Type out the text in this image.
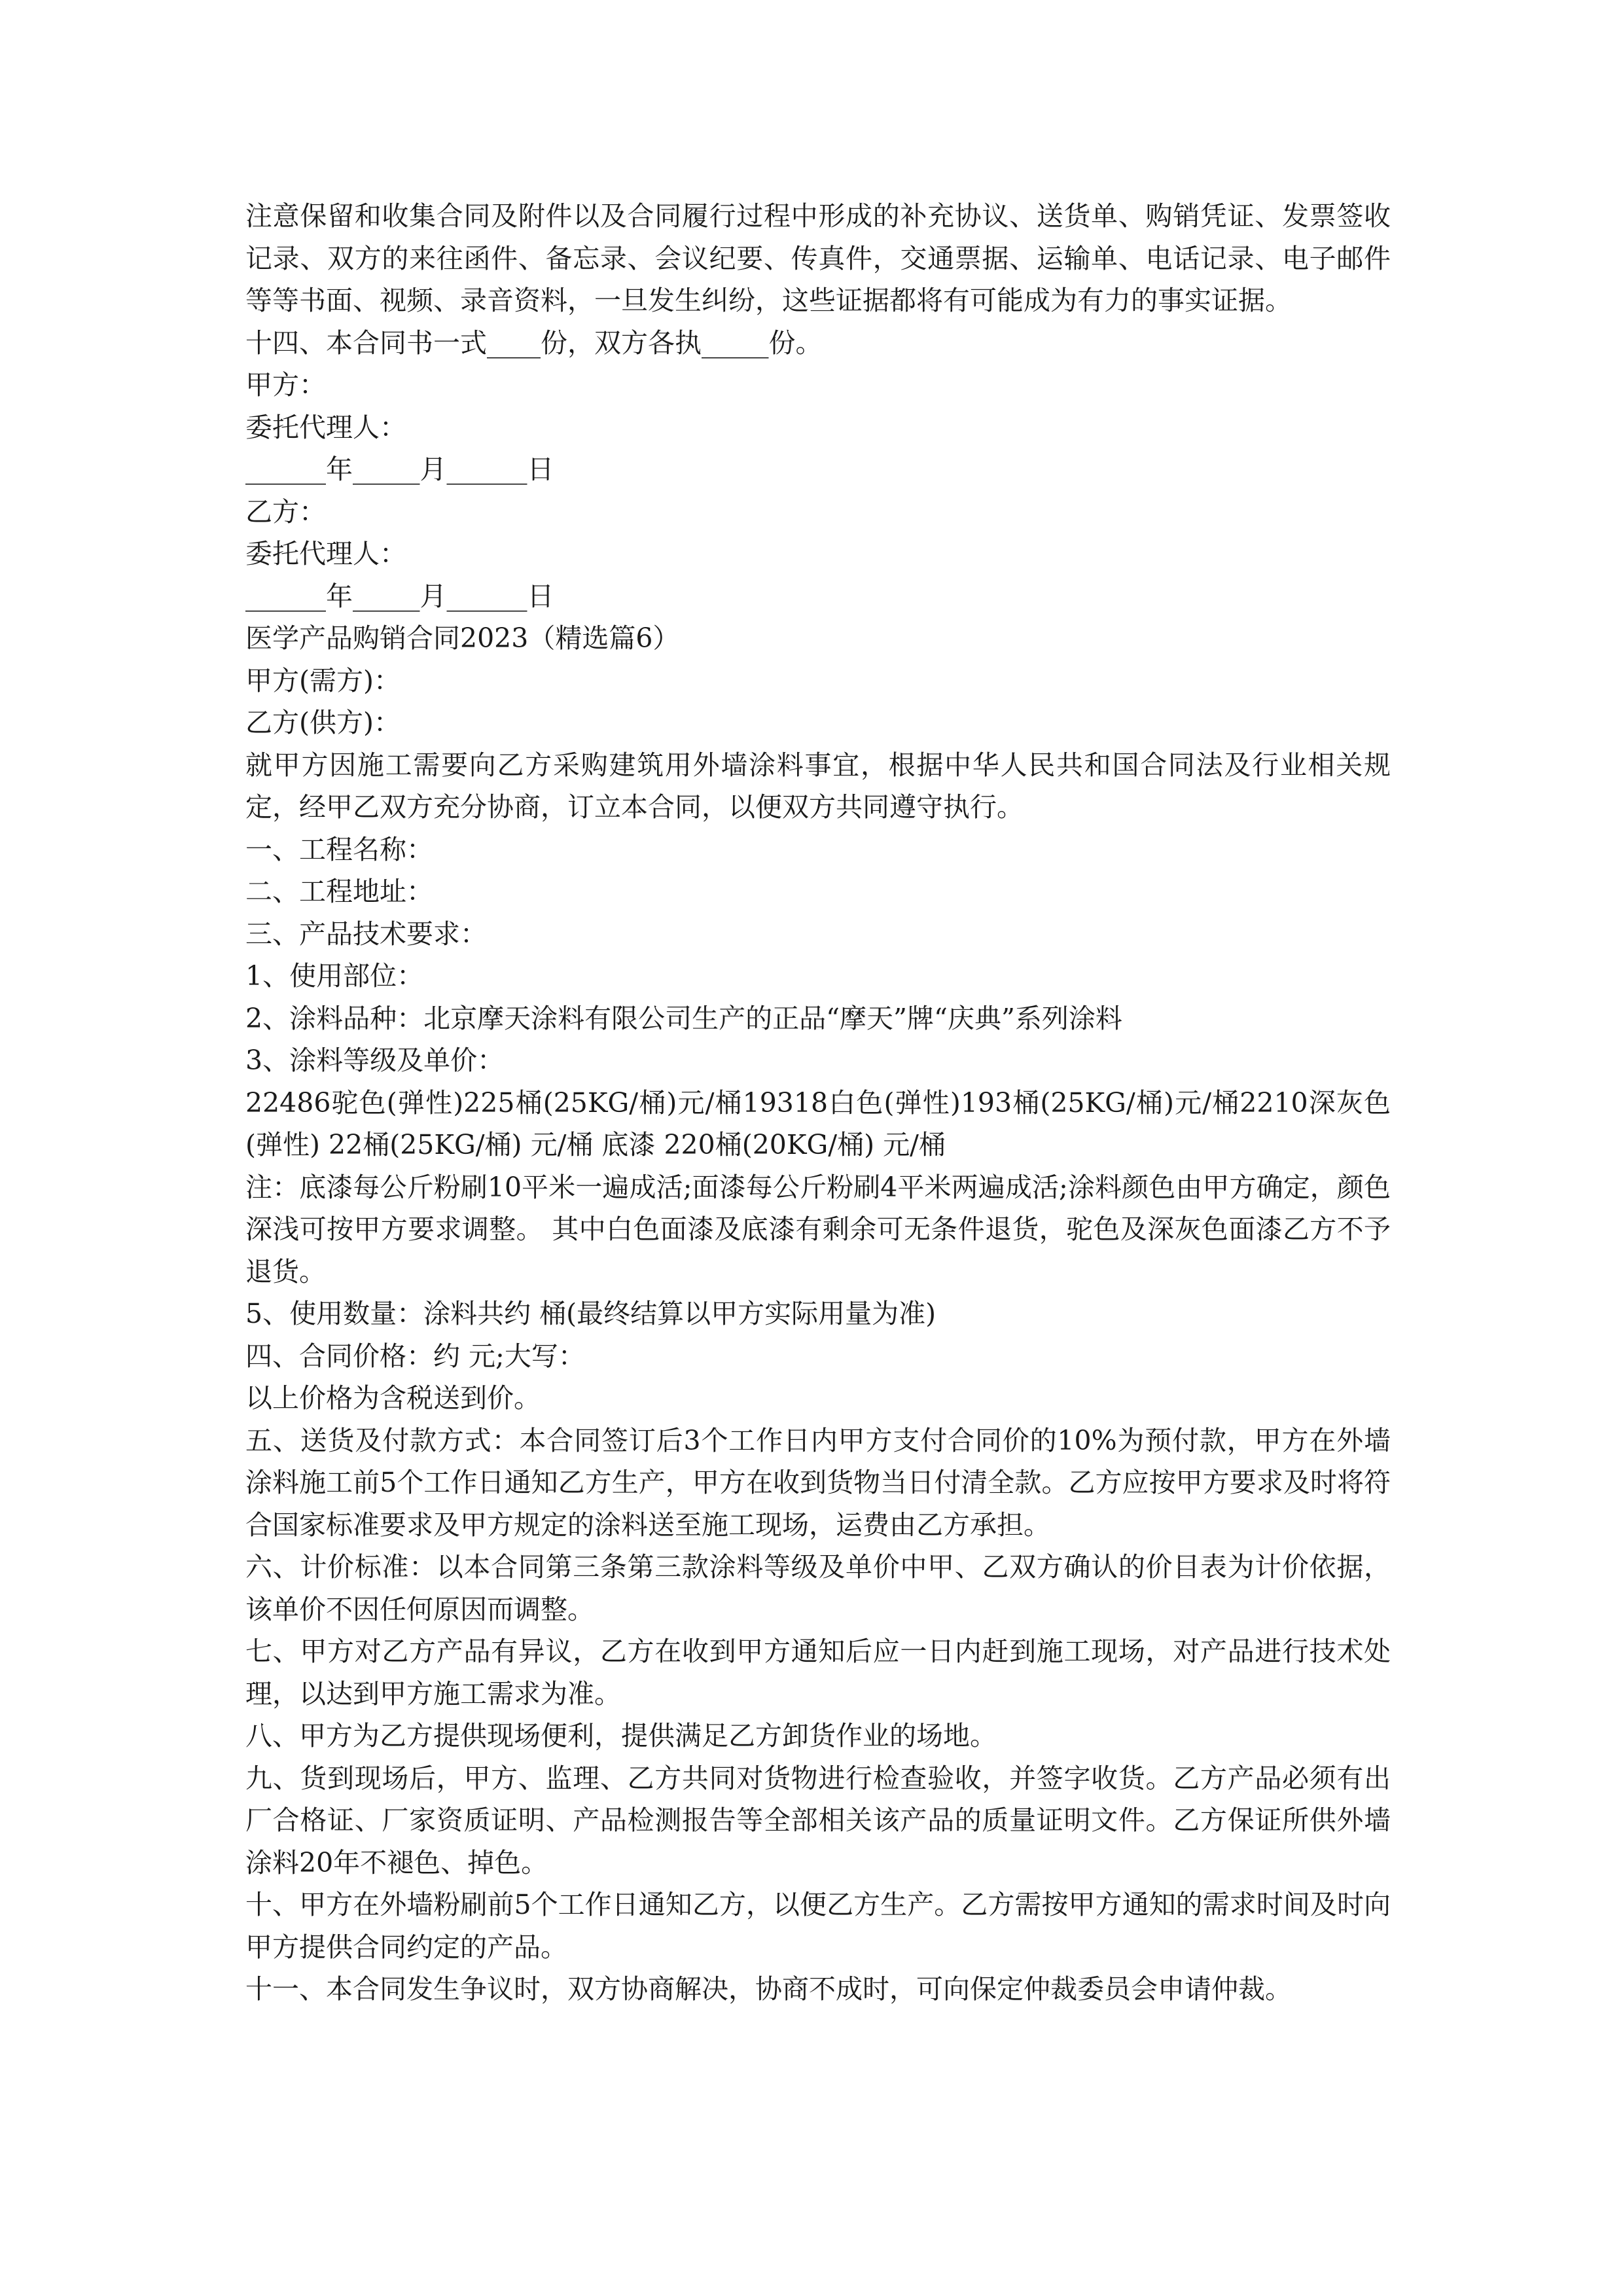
注意保留和收集合同及附件以及合同履行过程中形成的补充协议、送货单、购销凭证、发票签收记录、双方的来往函件、备忘录、会议纪要、传真件，交通票据、运输单、电话记录、电子邮件等等书面、视频、录音资料，一旦发生纠纷，这些证据都将有可能成为有力的事实证据。

十四、本合同书一式____份，双方各执_____份。

甲方：

委托代理人：

______年_____月______日

乙方：

委托代理人：

______年_____月______日

医学产品购销合同2023（精选篇6）

甲方(需方)：

乙方(供方)：

就甲方因施工需要向乙方采购建筑用外墙涂料事宜，根据中华人民共和国合同法及行业相关规定，经甲乙双方充分协商，订立本合同，以便双方共同遵守执行。

一、工程名称：

二、工程地址：

三、产品技术要求：

1、使用部位：

2、涂料品种：北京摩天涂料有限公司生产的正品“摩天”牌“庆典”系列涂料

3、涂料等级及单价：

22486驼色(弹性)225桶(25KG/桶)元/桶19318白色(弹性)193桶(25KG/桶)元/桶2210深灰色(弹性) 22桶(25KG/桶) 元/桶 底漆 220桶(20KG/桶) 元/桶

注：底漆每公斤粉刷10平米一遍成活;面漆每公斤粉刷4平米两遍成活;涂料颜色由甲方确定，颜色深浅可按甲方要求调整。 其中白色面漆及底漆有剩余可无条件退货，驼色及深灰色面漆乙方不予退货。

5、使用数量：涂料共约 桶(最终结算以甲方实际用量为准)

四、合同价格：约 元;大写：

以上价格为含税送到价。

五、送货及付款方式：本合同签订后3个工作日内甲方支付合同价的10%为预付款，甲方在外墙涂料施工前5个工作日通知乙方生产，甲方在收到货物当日付清全款。乙方应按甲方要求及时将符合国家标准要求及甲方规定的涂料送至施工现场，运费由乙方承担。

六、计价标准：以本合同第三条第三款涂料等级及单价中甲、乙双方确认的价目表为计价依据，该单价不因任何原因而调整。

七、甲方对乙方产品有异议，乙方在收到甲方通知后应一日内赶到施工现场，对产品进行技术处理，以达到甲方施工需求为准。

八、甲方为乙方提供现场便利，提供满足乙方卸货作业的场地。

九、货到现场后，甲方、监理、乙方共同对货物进行检查验收，并签字收货。乙方产品必须有出厂合格证、厂家资质证明、产品检测报告等全部相关该产品的质量证明文件。乙方保证所供外墙涂料20年不褪色、掉色。

十、甲方在外墙粉刷前5个工作日通知乙方，以便乙方生产。乙方需按甲方通知的需求时间及时向甲方提供合同约定的产品。

十一、本合同发生争议时，双方协商解决，协商不成时，可向保定仲裁委员会申请仲裁。
